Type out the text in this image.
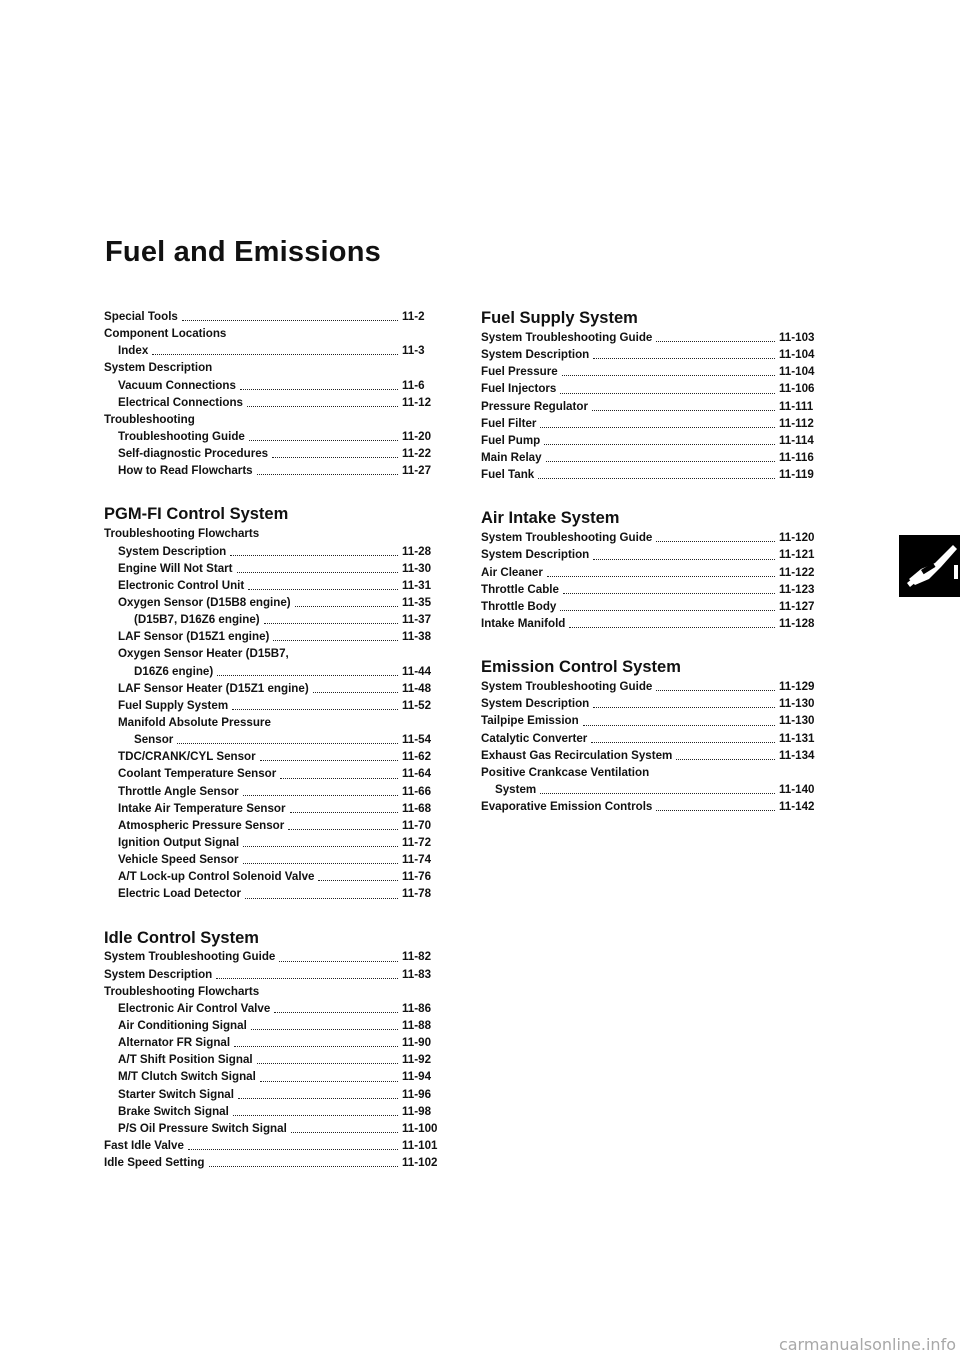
Fuel and Emissions
Special Tools	11-2
Component Locations
Index	11-3
System Description
Vacuum Connections	11-6
Electrical Connections	11-12
Troubleshooting
Troubleshooting Guide	11-20
Self-diagnostic Procedures	11-22
How to Read Flowcharts	11-27
PGM-FI Control System
Troubleshooting Flowcharts
System Description	11-28
Engine Will Not Start	11-30
Electronic Control Unit	11-31
Oxygen Sensor (D15B8 engine)	11-35
(D15B7, D16Z6 engine)	11-37
LAF Sensor (D15Z1 engine)	11-38
Oxygen Sensor Heater (D15B7,
D16Z6 engine)	11-44
LAF Sensor Heater (D15Z1 engine)	11-48
Fuel Supply System	11-52
Manifold Absolute Pressure
Sensor	11-54
TDC/CRANK/CYL Sensor	11-62
Coolant Temperature Sensor	11-64
Throttle Angle Sensor	11-66
Intake Air Temperature Sensor	11-68
Atmospheric Pressure Sensor	11-70
Ignition Output Signal	11-72
Vehicle Speed Sensor	11-74
A/T Lock-up Control Solenoid Valve	11-76
Electric Load Detector	11-78
Idle Control System
System Troubleshooting Guide	11-82
System Description	11-83
Troubleshooting Flowcharts
Electronic Air Control Valve	11-86
Air Conditioning Signal	11-88
Alternator FR Signal	11-90
A/T Shift Position Signal	11-92
M/T Clutch Switch Signal	11-94
Starter Switch Signal	11-96
Brake Switch Signal	11-98
P/S Oil Pressure Switch Signal	11-100
Fast Idle Valve	11-101
Idle Speed Setting	11-102
Fuel Supply System
System Troubleshooting Guide	11-103
System Description	11-104
Fuel Pressure	11-104
Fuel Injectors	11-106
Pressure Regulator	11-111
Fuel Filter	11-112
Fuel Pump	11-114
Main Relay	11-116
Fuel Tank	11-119
Air Intake System
System Troubleshooting Guide	11-120
System Description	11-121
Air Cleaner	11-122
Throttle Cable	11-123
Throttle Body	11-127
Intake Manifold	11-128
Emission Control System
System Troubleshooting Guide	11-129
System Description	11-130
Tailpipe Emission	11-130
Catalytic Converter	11-131
Exhaust Gas Recirculation System	11-134
Positive Crankcase Ventilation
System	11-140
Evaporative Emission Controls	11-142
carmanualsonline.info
